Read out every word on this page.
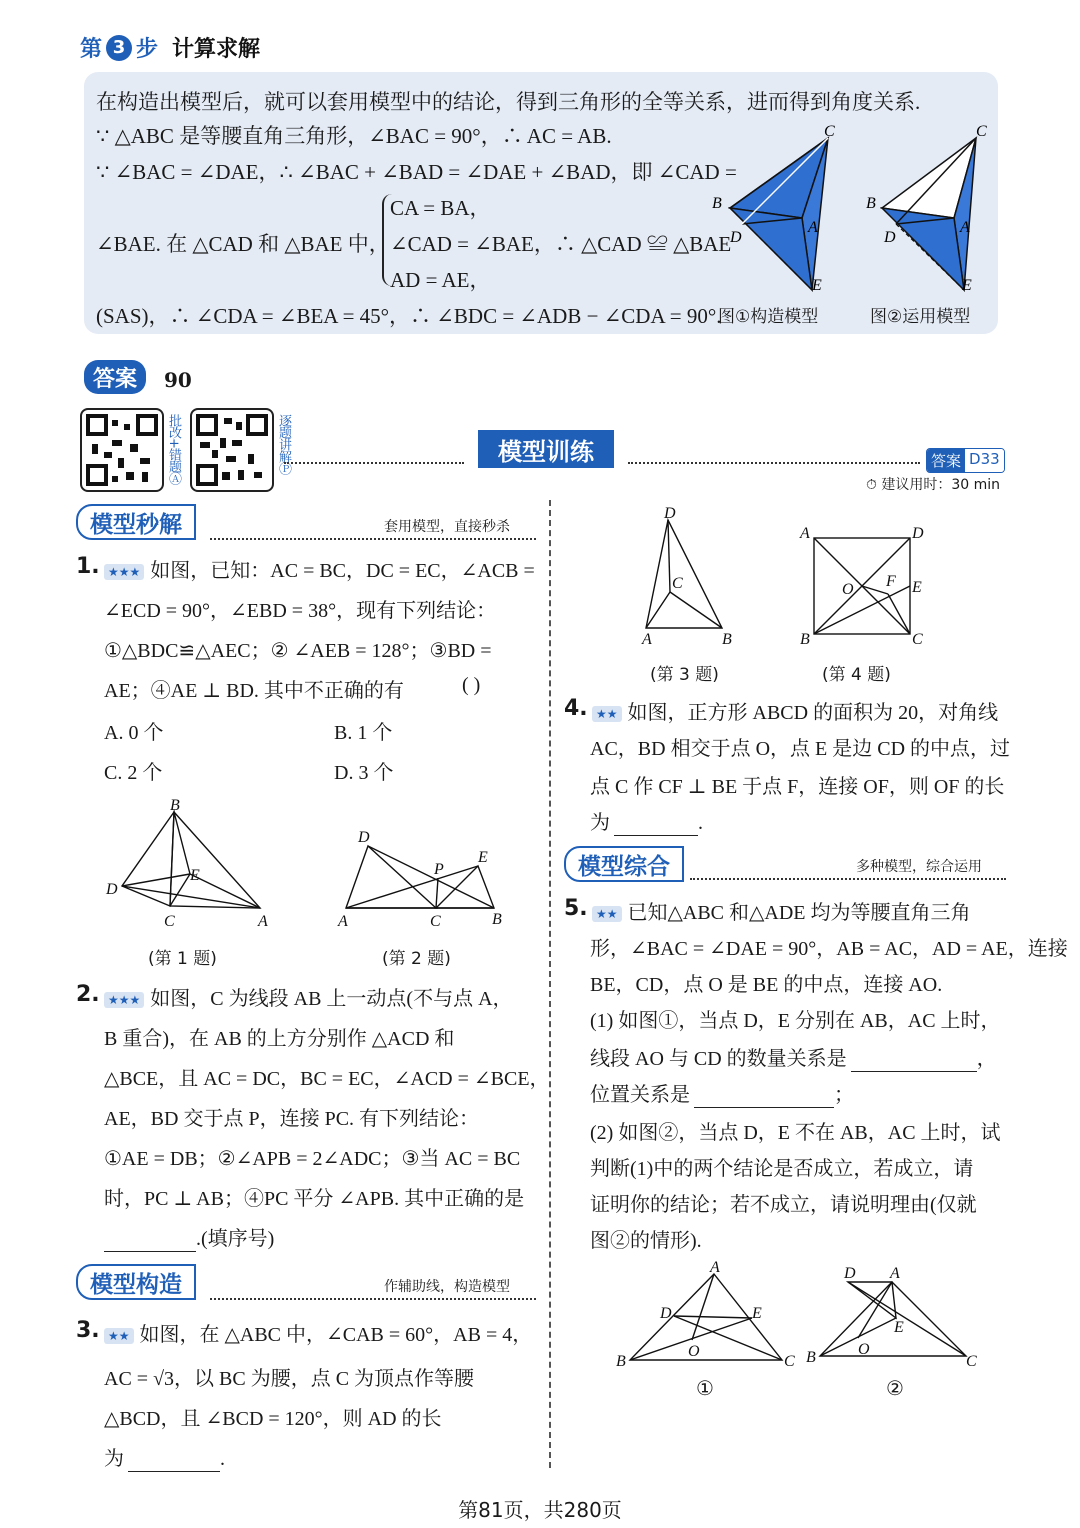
第 3 步 计算求解
在构造出模型后，就可以套用模型中的结论，得到三角形的全等关系，进而得到角度关系.
∵ △ABC 是等腰直角三角形，∠BAC = 90°，∴ AC = AB.
∵ ∠BAC = ∠DAE，∴ ∠BAC + ∠BAD = ∠DAE + ∠BAD，即 ∠CAD =
∠BAE. 在 △CAD 和 △BAE 中，
CA = BA，
∠CAD = ∠BAE，∴ △CAD ≌ △BAE
AD = AE，
(SAS)，∴ ∠CDA = ∠BEA = 45°，∴ ∠BDC = ∠ADB − ∠CDA = 90°.
C
B
D
A
E
C
B
D
A
E
图①构造模型	图②运用模型
答案	90
批改+错题Ⓐ	逐题讲解Ⓟ	模型训练	答案 D33
⏱ 建议用时：30 min
模型秒解	套用模型，直接秒杀
1. ★★★ 如图，已知：AC = BC，DC = EC，∠ACB =
∠ECD = 90°，∠EBD = 38°，现有下列结论：
①△BDC≌△AEC；② ∠AEB = 128°；③BD =
AE；④AE ⊥ BD. 其中不正确的有	( )
A. 0 个	B. 1 个
C. 2 个	D. 3 个
B
D
E
C	A
D
E
P
A	C	B
(第 1 题)	(第 2 题)
2. ★★★ 如图，C 为线段 AB 上一动点(不与点 A，
B 重合)，在 AB 的上方分别作 △ACD 和
△BCE，且 AC = DC，BC = EC，∠ACD = ∠BCE，
AE，BD 交于点 P，连接 PC. 有下列结论：
①AE = DB；②∠APB = 2∠ADC；③当 AC = BC
时，PC ⊥ AB；④PC 平分 ∠APB. 其中正确的是
.(填序号)
模型构造	作辅助线，构造模型
3. ★★ 如图，在 △ABC 中，∠CAB = 60°，AB = 4，
AC = √3，以 BC 为腰，点 C 为顶点作等腰
△BCD，且 ∠BCD = 120°，则 AD 的长
为	.
D
C
A	B
A	D
O F E
B	C
(第 3 题)	(第 4 题)
4. ★★ 如图，正方形 ABCD 的面积为 20，对角线
AC，BD 相交于点 O，点 E 是边 CD 的中点，过
点 C 作 CF ⊥ BE 于点 F，连接 OF，则 OF 的长
为	.
模型综合	多种模型，综合运用
5. ★★ 已知△ABC 和△ADE 均为等腰直角三角
形，∠BAC = ∠DAE = 90°，AB = AC，AD = AE，连接
BE，CD，点 O 是 BE 的中点，连接 AO.
(1) 如图①，当点 D，E 分别在 AB，AC 上时，
线段 AO 与 CD 的数量关系是	，
位置关系是	；
(2) 如图②，当点 D，E 不在 AB，AC 上时，试
判断(1)中的两个结论是否成立，若成立，请
证明你的结论；若不成立，请说明理由(仅就
图②的情形).
A
D	E
O
B	C
D A
E
O
B	C
①	②
第81页，共280页
